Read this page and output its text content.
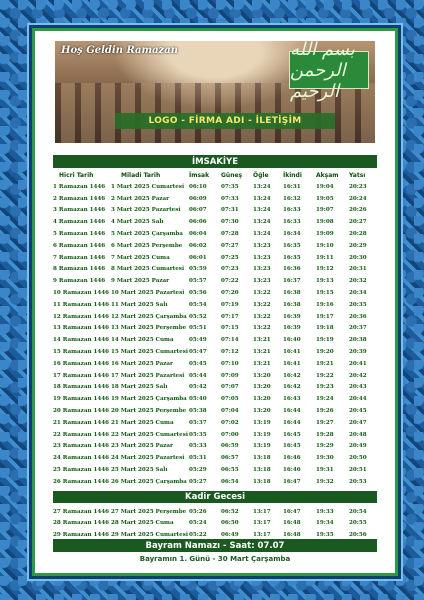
Hoş Geldin Ramazan	بسم الله الرحمن
LOGO - FİRMA ADI - İLETİŞİM
İMSAKİYE
Hicri Tarih	Miladi Tarih	İmsak	Güneş	Öğle	İkindi	Akşam	Yatsı
1 Ramazan 1446	1 Mart 2025 Cumartesi	06:10	07:35	13:24	16:31	19:04	20:23
2 Ramazan 1446	2 Mart 2025 Pazar	06:09	07:33	13:24	16:32	19:05	20:24
3 Ramazan 1446	3 Mart 2025 Pazartesi	06:07	07:31	13:24	16:33	19:07	20:26
4 Ramazan 1446	4 Mart 2025 Salı	06:06	07:30	13:24	16:33	19:08	20:27
5 Ramazan 1446	5 Mart 2025 Çarşamba	06:04	07:28	13:24	16:34	19:09	20:28
6 Ramazan 1446	6 Mart 2025 Perşembe	06:02	07:27	13:23	16:35	19:10	20:29
7 Ramazan 1446	7 Mart 2025 Cuma	06:01	07:25	13:23	16:35	19:11	20:30
8 Ramazan 1446	8 Mart 2025 Cumartesi	05:59	07:23	13:23	16:36	19:12	20:31
9 Ramazan 1446	9 Mart 2025 Pazar	05:57	07:22	13:23	16:37	19:13	20:32
10 Ramazan 1446	10 Mart 2025 Pazartesi	05:56	07:20	13:22	16:38	19:15	20:34
11 Ramazan 1446	11 Mart 2025 Salı	05:54	07:19	13:22	16:38	19:16	20:35
12 Ramazan 1446	12 Mart 2025 Çarşamba	05:52	07:17	13:22	16:39	19:17	20:36
13 Ramazan 1446	13 Mart 2025 Perşembe	05:51	07:15	13:22	16:39	19:18	20:37
14 Ramazan 1446	14 Mart 2025 Cuma	05:49	07:14	13:21	16:40	19:19	20:38
15 Ramazan 1446	15 Mart 2025 Cumartesi	05:47	07:12	13:21	16:41	19:20	20:39
16 Ramazan 1446	16 Mart 2025 Pazar	05:45	07:10	13:21	16:41	19:21	20:41
17 Ramazan 1446	17 Mart 2025 Pazartesi	05:44	07:09	13:20	16:42	19:22	20:42
18 Ramazan 1446	18 Mart 2025 Salı	05:42	07:07	13:20	16:42	19:23	20:43
19 Ramazan 1446	19 Mart 2025 Çarşamba	05:40	07:05	13:20	16:43	19:24	20:44
20 Ramazan 1446	20 Mart 2025 Perşembe	05:38	07:04	13:20	16:44	19:26	20:45
21 Ramazan 1446	21 Mart 2025 Cuma	05:37	07:02	13:19	16:44	19:27	20:47
22 Ramazan 1446	22 Mart 2025 Cumartesi	05:35	07:00	13:19	16:45	19:28	20:48
23 Ramazan 1446	23 Mart 2025 Pazar	05:33	06:59	13:19	16:45	19:29	20:49
24 Ramazan 1446	24 Mart 2025 Pazartesi	05:31	06:57	13:18	16:46	19:30	20:50
25 Ramazan 1446	25 Mart 2025 Salı	05:29	06:55	13:18	16:46	19:31	20:51
26 Ramazan 1446	26 Mart 2025 Çarşamba	05:27	06:54	13:18	16:47	19:32	20:53
Kadir Gecesi
27 Ramazan 1446	27 Mart 2025 Perşembe	05:26	06:52	13:17	16:47	19:33	20:54
28 Ramazan 1446	28 Mart 2025 Cuma	05:24	06:50	13:17	16:48	19:34	20:55
29 Ramazan 1446	29 Mart 2025 Cumartesi	05:22	06:49	13:17	16:48	19:35	20:56
Bayram Namazı - Saat: 07.07
Bayramın 1. Günü - 30 Mart Çarşamba
